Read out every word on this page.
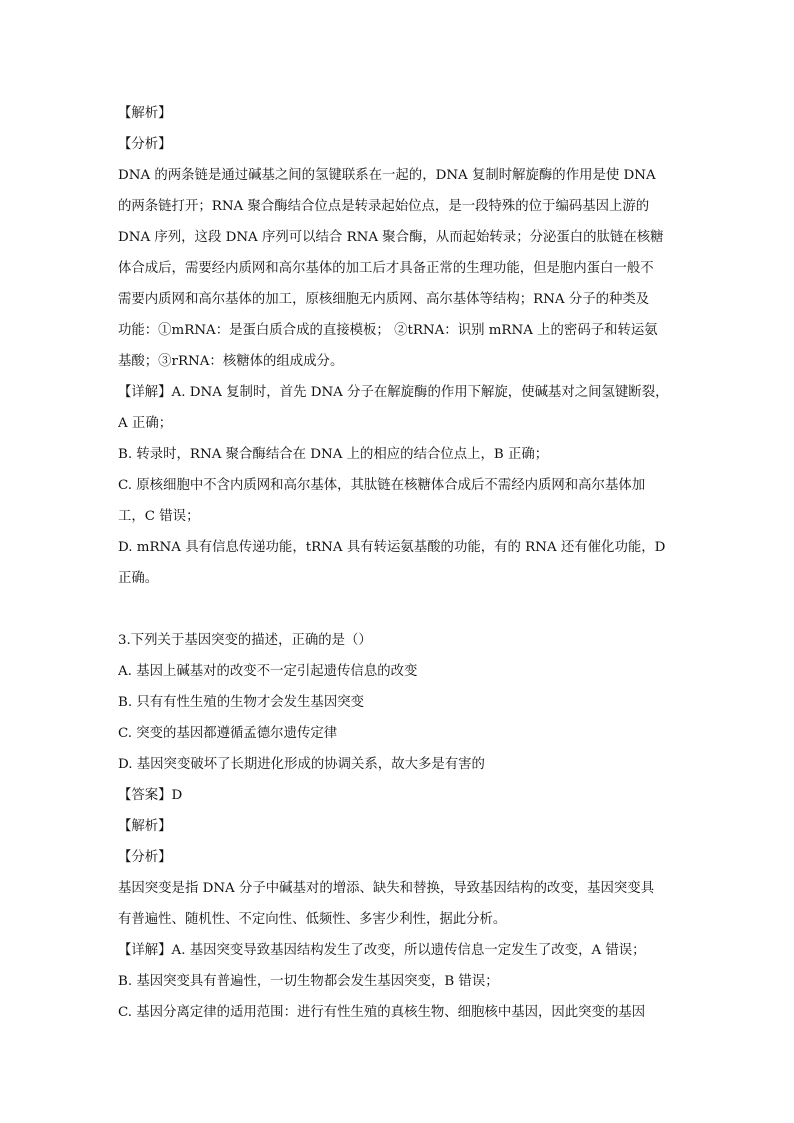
【解析】
【分析】
DNA 的两条链是通过碱基之间的氢键联系在一起的，DNA 复制时解旋酶的作用是使 DNA
的两条链打开；RNA 聚合酶结合位点是转录起始位点，是一段特殊的位于编码基因上游的
DNA 序列，这段 DNA 序列可以结合 RNA 聚合酶，从而起始转录；分泌蛋白的肽链在核糖
体合成后，需要经内质网和高尔基体的加工后才具备正常的生理功能，但是胞内蛋白一般不
需要内质网和高尔基体的加工，原核细胞无内质网、高尔基体等结构；RNA 分子的种类及
功能：①mRNA：是蛋白质合成的直接模板； ②tRNA：识别 mRNA 上的密码子和转运氨
基酸；③rRNA：核糖体的组成成分。
【详解】A. DNA 复制时，首先 DNA 分子在解旋酶的作用下解旋，使碱基对之间氢键断裂，
A 正确；
B. 转录时，RNA 聚合酶结合在 DNA 上的相应的结合位点上，B 正确；
C. 原核细胞中不含内质网和高尔基体，其肽链在核糖体合成后不需经内质网和高尔基体加
工，C 错误；
D. mRNA 具有信息传递功能，tRNA 具有转运氨基酸的功能，有的 RNA 还有催化功能，D
正确。
3.下列关于基因突变的描述，正确的是（）
A. 基因上碱基对的改变不一定引起遗传信息的改变
B. 只有有性生殖的生物才会发生基因突变
C. 突变的基因都遵循孟德尔遗传定律
D. 基因突变破坏了长期进化形成的协调关系，故大多是有害的
【答案】D
【解析】
【分析】
基因突变是指 DNA 分子中碱基对的增添、缺失和替换，导致基因结构的改变，基因突变具
有普遍性、随机性、不定向性、低频性、多害少利性，据此分析。
【详解】A. 基因突变导致基因结构发生了改变，所以遗传信息一定发生了改变，A 错误；
B. 基因突变具有普遍性，一切生物都会发生基因突变，B 错误；
C. 基因分离定律的适用范围：进行有性生殖的真核生物、细胞核中基因，因此突变的基因
